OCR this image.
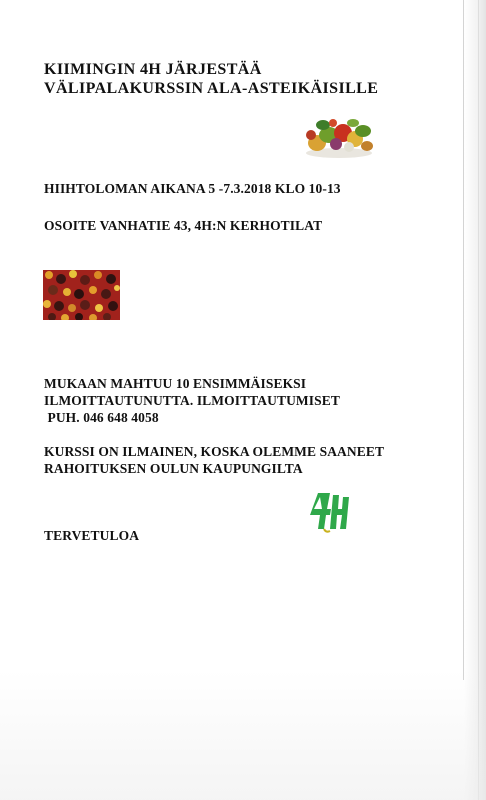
KIIMINGIN 4H JÄRJESTÄÄ
VÄLIPALAKURSSIN ALA-ASTEIKÄISILLE
HIIHTOLOMAN AIKANA 5 -7.3.2018 KLO 10-13
OSOITE VANHATIE 43, 4H:N KERHOTILAT
MUKAAN MAHTUU 10 ENSIMMÄISEKSI
ILMOITTAUTUNUTTA. ILMOITTAUTUMISET
PUH. 046 648 4058
KURSSI ON ILMAINEN, KOSKA OLEMME SAANEET
RAHOITUKSEN OULUN KAUPUNGILTA
TERVETULOA
